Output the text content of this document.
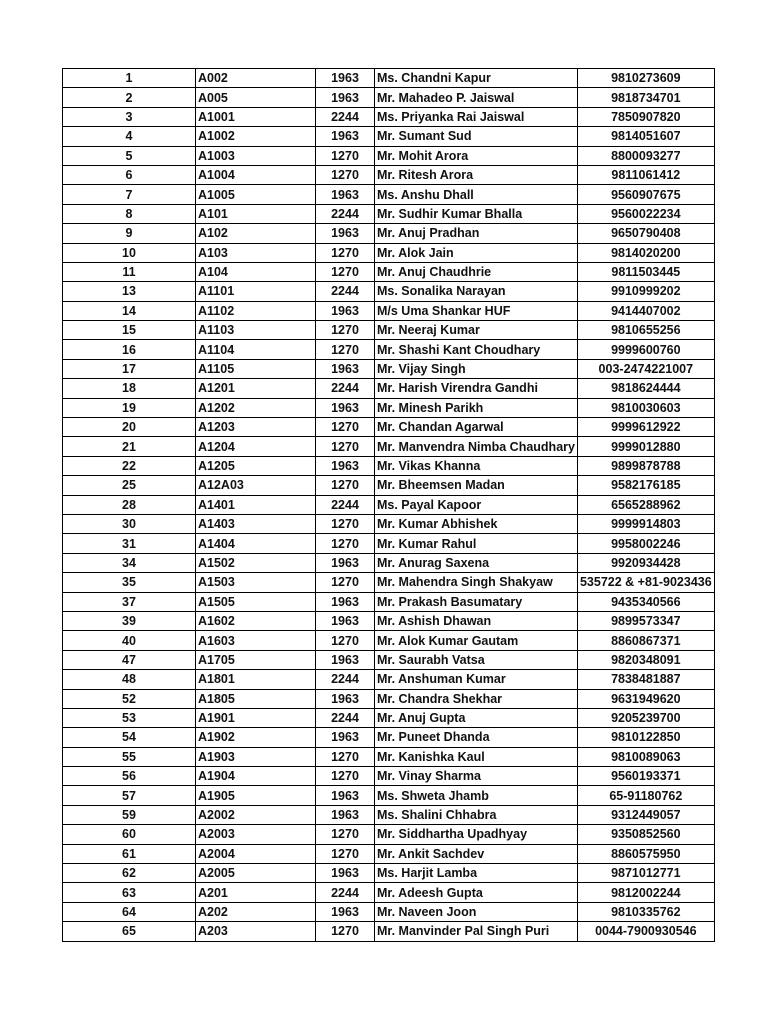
1	A002	1963	Ms. Chandni Kapur	9810273609
2	A005	1963	Mr. Mahadeo P. Jaiswal	9818734701
3	A1001	2244	Ms. Priyanka Rai Jaiswal	7850907820
4	A1002	1963	Mr. Sumant Sud	9814051607
5	A1003	1270	Mr. Mohit Arora	8800093277
6	A1004	1270	Mr. Ritesh Arora	9811061412
7	A1005	1963	Ms. Anshu Dhall	9560907675
8	A101	2244	Mr. Sudhir Kumar Bhalla	9560022234
9	A102	1963	Mr. Anuj Pradhan	9650790408
10	A103	1270	Mr. Alok Jain	9814020200
11	A104	1270	Mr. Anuj Chaudhrie	9811503445
13	A1101	2244	Ms. Sonalika Narayan	9910999202
14	A1102	1963	M/s Uma Shankar HUF	9414407002
15	A1103	1270	Mr. Neeraj Kumar	9810655256
16	A1104	1270	Mr. Shashi Kant Choudhary	9999600760
17	A1105	1963	Mr. Vijay Singh	003-2474221007
18	A1201	2244	Mr. Harish Virendra Gandhi	9818624444
19	A1202	1963	Mr. Minesh Parikh	9810030603
20	A1203	1270	Mr. Chandan Agarwal	9999612922
21	A1204	1270	Mr. Manvendra Nimba Chaudhary	9999012880
22	A1205	1963	Mr. Vikas Khanna	9899878788
25	A12A03	1270	Mr. Bheemsen Madan	9582176185
28	A1401	2244	Ms. Payal Kapoor	6565288962
30	A1403	1270	Mr. Kumar Abhishek	9999914803
31	A1404	1270	Mr. Kumar Rahul	9958002246
34	A1502	1963	Mr. Anurag Saxena	9920934428
35	A1503	1270	Mr. Mahendra Singh Shakyaw	535722 & +81-9023436
37	A1505	1963	Mr. Prakash Basumatary	9435340566
39	A1602	1963	Mr. Ashish Dhawan	9899573347
40	A1603	1270	Mr. Alok Kumar Gautam	8860867371
47	A1705	1963	Mr. Saurabh Vatsa	9820348091
48	A1801	2244	Mr. Anshuman Kumar	7838481887
52	A1805	1963	Mr. Chandra Shekhar	9631949620
53	A1901	2244	Mr. Anuj Gupta	9205239700
54	A1902	1963	Mr. Puneet Dhanda	9810122850
55	A1903	1270	Mr. Kanishka Kaul	9810089063
56	A1904	1270	Mr. Vinay Sharma	9560193371
57	A1905	1963	Ms. Shweta Jhamb	65-91180762
59	A2002	1963	Ms. Shalini Chhabra	9312449057
60	A2003	1270	Mr. Siddhartha Upadhyay	9350852560
61	A2004	1270	Mr. Ankit Sachdev	8860575950
62	A2005	1963	Ms. Harjit Lamba	9871012771
63	A201	2244	Mr. Adeesh Gupta	9812002244
64	A202	1963	Mr. Naveen Joon	9810335762
65	A203	1270	Mr. Manvinder Pal Singh Puri	0044-7900930546
